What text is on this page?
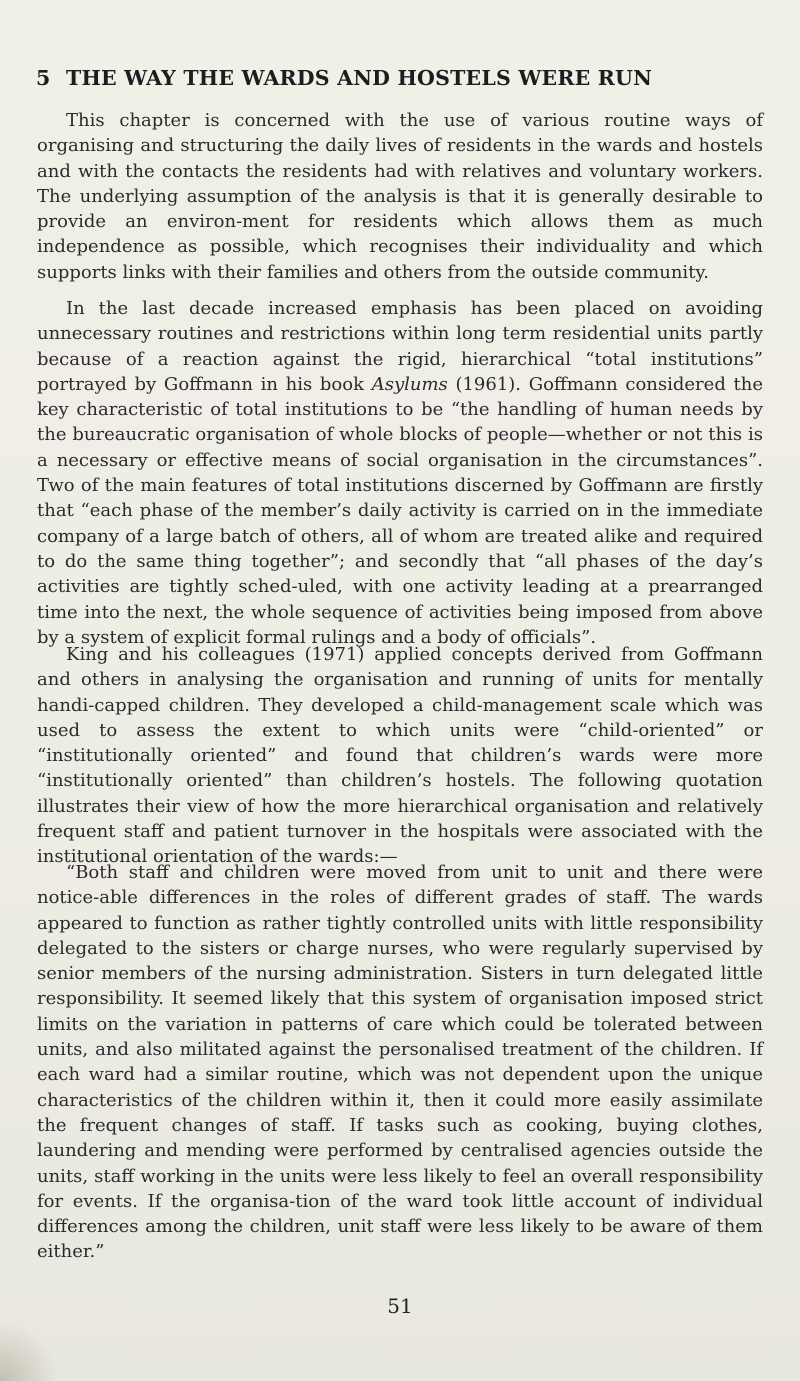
5 THE WAY THE WARDS AND HOSTELS WERE RUN

This chapter is concerned with the use of various routine ways of organising and structuring the daily lives of residents in the wards and hostels and with the contacts the residents had with relatives and voluntary workers. The underlying assumption of the analysis is that it is generally desirable to provide an environ-ment for residents which allows them as much independence as possible, which recognises their individuality and which supports links with their families and others from the outside community.

In the last decade increased emphasis has been placed on avoiding unnecessary routines and restrictions within long term residential units partly because of a reaction against the rigid, hierarchical “total institutions” portrayed by Goffmann in his book Asylums (1961). Goffmann considered the key characteristic of total institutions to be “the handling of human needs by the bureaucratic organisation of whole blocks of people—whether or not this is a necessary or effective means of social organisation in the circumstances”. Two of the main features of total institutions discerned by Goffmann are firstly that “each phase of the member’s daily activity is carried on in the immediate company of a large batch of others, all of whom are treated alike and required to do the same thing together”; and secondly that “all phases of the day’s activities are tightly sched-uled, with one activity leading at a prearranged time into the next, the whole sequence of activities being imposed from above by a system of explicit formal rulings and a body of officials”.

King and his colleagues (1971) applied concepts derived from Goffmann and others in analysing the organisation and running of units for mentally handi-capped children. They developed a child-management scale which was used to assess the extent to which units were “child-oriented” or “institutionally oriented” and found that children’s wards were more “institutionally oriented” than children’s hostels. The following quotation illustrates their view of how the more hierarchical organisation and relatively frequent staff and patient turnover in the hospitals were associated with the institutional orientation of the wards:—

“Both staff and children were moved from unit to unit and there were notice-able differences in the roles of different grades of staff. The wards appeared to function as rather tightly controlled units with little responsibility delegated to the sisters or charge nurses, who were regularly supervised by senior members of the nursing administration. Sisters in turn delegated little responsibility. It seemed likely that this system of organisation imposed strict limits on the variation in patterns of care which could be tolerated between units, and also militated against the personalised treatment of the children. If each ward had a similar routine, which was not dependent upon the unique characteristics of the children within it, then it could more easily assimilate the frequent changes of staff. If tasks such as cooking, buying clothes, laundering and mending were performed by centralised agencies outside the units, staff working in the units were less likely to feel an overall responsibility for events. If the organisa-tion of the ward took little account of individual differences among the children, unit staff were less likely to be aware of them either.”

51
